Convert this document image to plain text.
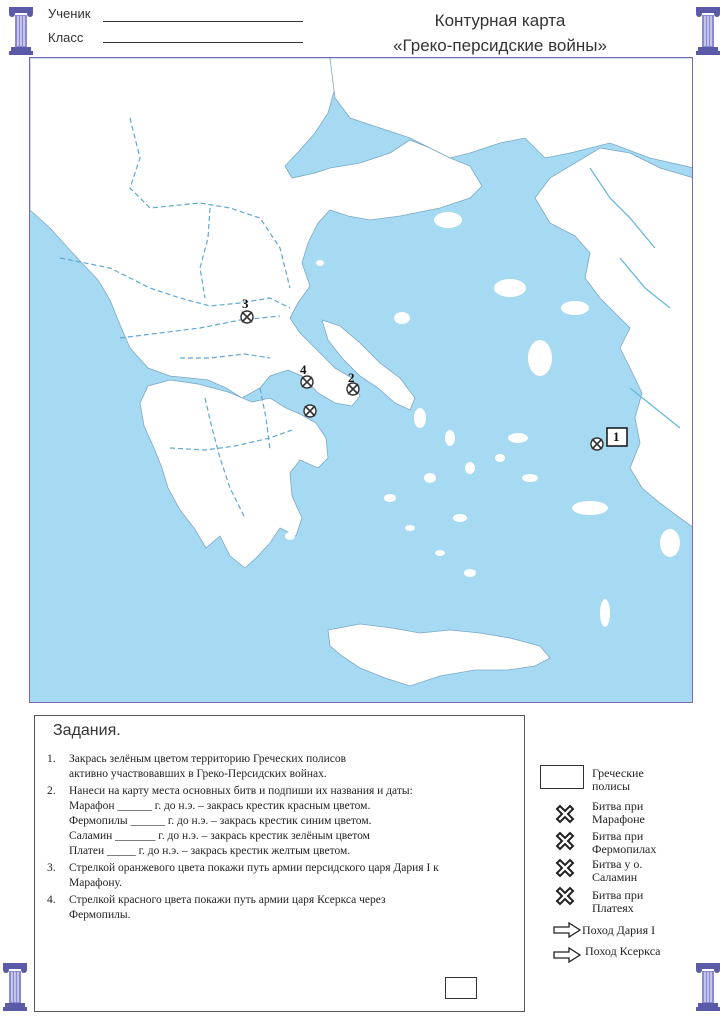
Ученик
Класс
Контурная карта
«Греко-персидские войны»
3
4
2
1
Задания.
1. Закрась зелёным цветом территорию Греческих полисов
активно участвовавших в Греко-Персидских войнах.
2. Нанеси на карту места основных битв и подпиши их названия и даты:
Марафон ______ г. до н.э. – закрась крестик красным цветом.
Фермопилы ______ г. до н.э. – закрась крестик синим цветом.
Саламин _______ г. до н.э. – закрась крестик зелёным цветом
Платеи _____ г. до н.э. – закрась крестик желтым цветом.
3. Стрелкой оранжевого цвета покажи путь армии персидского царя Дария I к
Марафону.
4. Стрелкой красного цвета покажи путь армии царя Ксеркса через
Фермопилы.
Греческие полисы
Битва при Марафоне
Битва при Фермопилах
Битва у о. Саламин
Битва при Платеях
Поход Дария I
Поход Ксеркса
